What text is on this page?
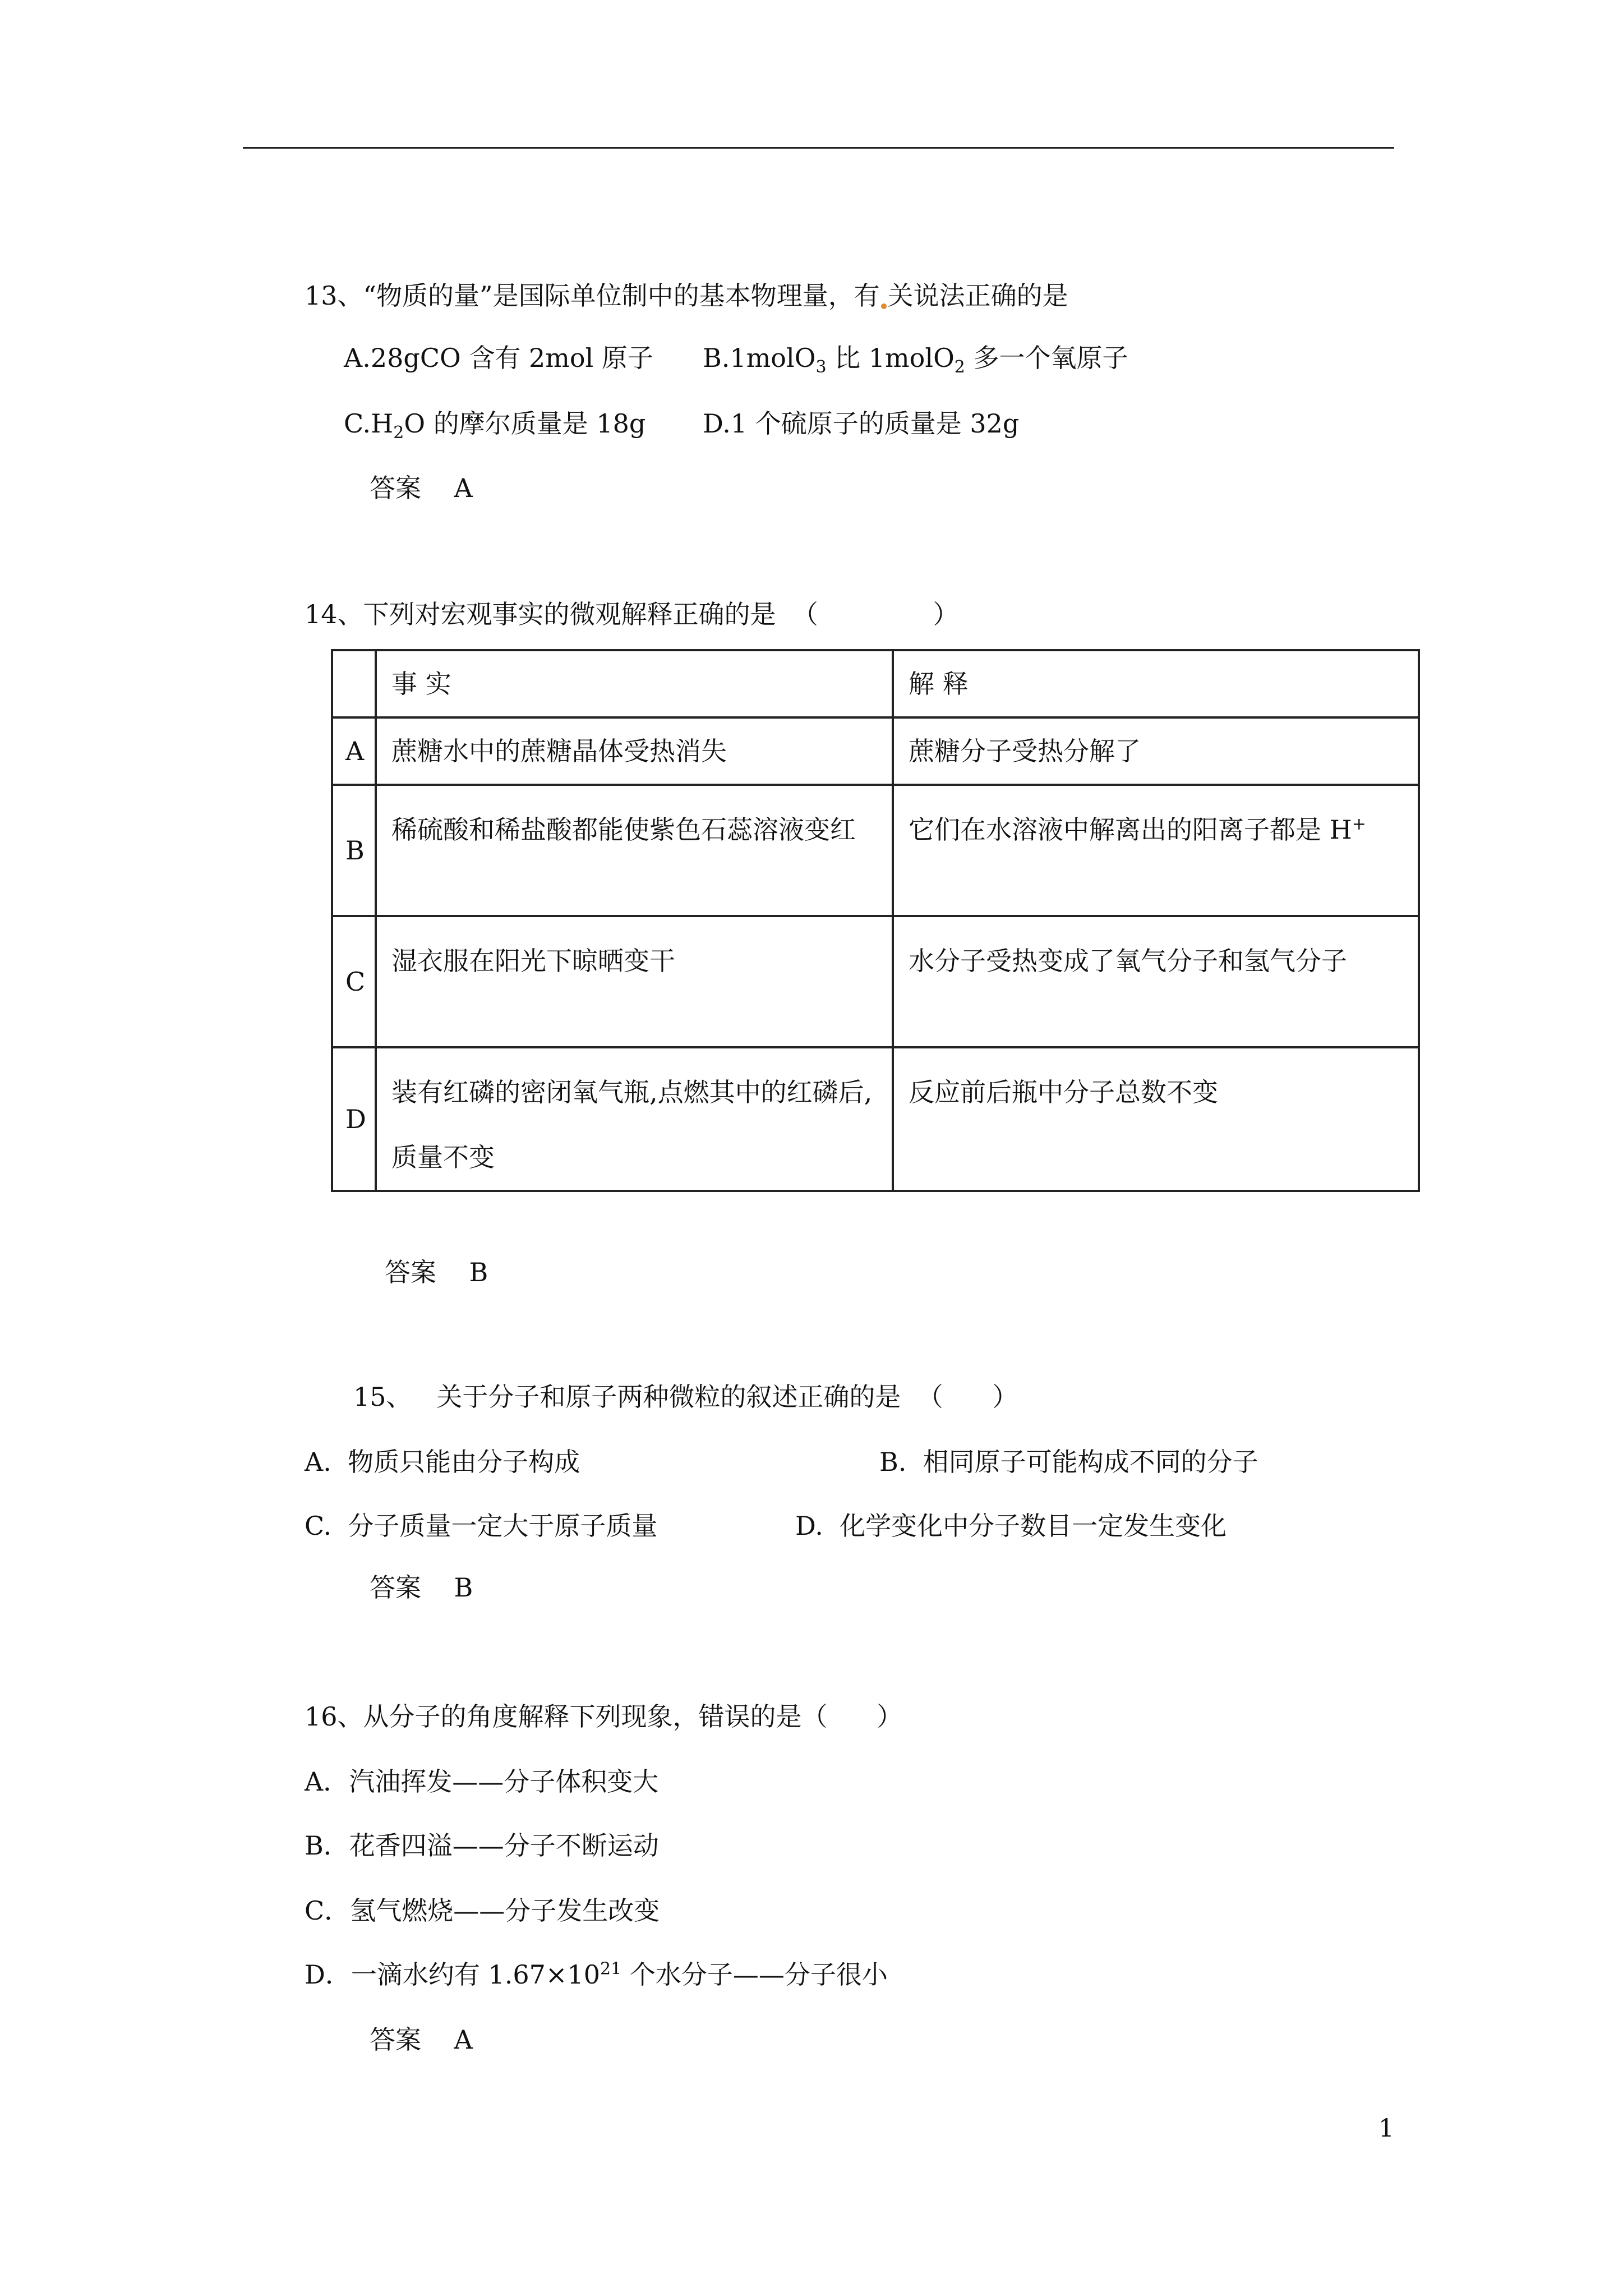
13、“物质的量”是国际单位制中的基本物理量，有 关说法正确的是
A.28gCO 含有 2mol 原子 B.1molO$_3$ 比 1molO$_2$ 多一个氧原子
$C.H_2O$ 的摩尔质量是 18g D.1 个硫原子的质量是 32g
答案    A
14、下列对宏观事实的微观解释正确的是  （              ）
	事 实	解 释
A	蔗糖水中的蔗糖晶体受热消失	蔗糖分子受热分解了
B	稀硫酸和稀盐酸都能使紫色石蕊溶液变红	它们在水溶液中解离出的阳离子都是 H+
C	湿衣服在阳光下晾晒变干	水分子受热变成了氧气分子和氢气分子
D	装有红磷的密闭氧气瓶,点燃其中的红磷后,质量不变	反应前后瓶中分子总数不变
答案    B
15、   关于分子和原子两种微粒的叙述正确的是  （      ）
A.  物质只能由分子构成	B.  相同原子可能构成不同的分子
C.  分子质量一定大于原子质量	D.  化学变化中分子数目一定发生变化
答案    B
16、从分子的角度解释下列现象，错误的是（      ）
A．汽油挥发——分子体积变大
B．花香四溢——分子不断运动
C．氢气燃烧——分子发生改变
D．一滴水约有 $1.67\times 10^{21}$ 个水分子——分子很小
答案    A
1
